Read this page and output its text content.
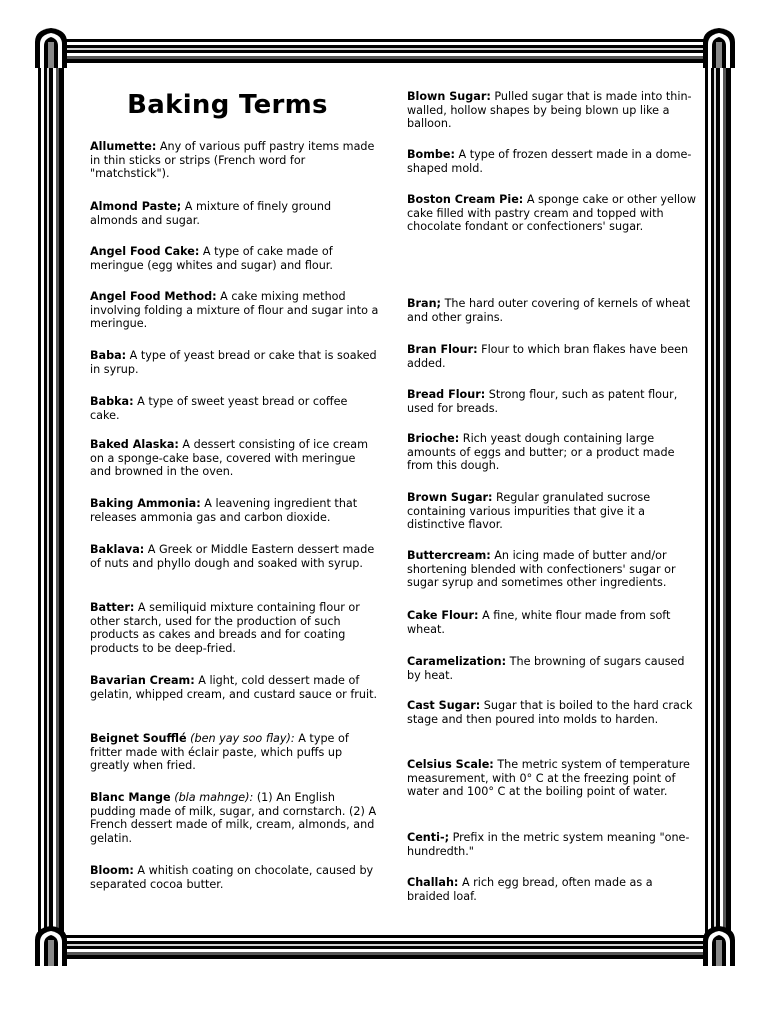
Baking Terms
Allumette: Any of various puff pastry items made in thin sticks or strips (French word for "matchstick").
Almond Paste; A mixture of finely ground almonds and sugar.
Angel Food Cake: A type of cake made of meringue (egg whites and sugar) and flour.
Angel Food Method: A cake mixing method involving folding a mixture of flour and sugar into a meringue.
Baba: A type of yeast bread or cake that is soaked in syrup.
Babka: A type of sweet yeast bread or coffee cake.
Baked Alaska: A dessert consisting of ice cream on a sponge-cake base, covered with meringue and browned in the oven.
Baking Ammonia: A leavening ingredient that releases ammonia gas and carbon dioxide.
Baklava: A Greek or Middle Eastern dessert made of nuts and phyllo dough and soaked with syrup.
Batter: A semiliquid mixture containing flour or other starch, used for the production of such products as cakes and breads and for coating products to be deep-fried.
Bavarian Cream: A light, cold dessert made of gelatin, whipped cream, and custard sauce or fruit.
Beignet Soufflé (ben yay soo flay): A type of fritter made with éclair paste, which puffs up greatly when fried.
Blanc Mange (bla mahnge): (1) An English pudding made of milk, sugar, and cornstarch. (2) A French dessert made of milk, cream, almonds, and gelatin.
Bloom: A whitish coating on chocolate, caused by separated cocoa butter.
Blown Sugar: Pulled sugar that is made into thin-walled, hollow shapes by being blown up like a balloon.
Bombe: A type of frozen dessert made in a dome-shaped mold.
Boston Cream Pie: A sponge cake or other yellow cake filled with pastry cream and topped with chocolate fondant or confectioners' sugar.
Bran; The hard outer covering of kernels of wheat and other grains.
Bran Flour: Flour to which bran flakes have been added.
Bread Flour: Strong flour, such as patent flour, used for breads.
Brioche: Rich yeast dough containing large amounts of eggs and butter; or a product made from this dough.
Brown Sugar: Regular granulated sucrose containing various impurities that give it a distinctive flavor.
Buttercream: An icing made of butter and/or shortening blended with confectioners' sugar or sugar syrup and sometimes other ingredients.
Cake Flour: A fine, white flour made from soft wheat.
Caramelization: The browning of sugars caused by heat.
Cast Sugar: Sugar that is boiled to the hard crack stage and then poured into molds to harden.
Celsius Scale: The metric system of temperature measurement, with 0° C at the freezing point of water and 100° C at the boiling point of water.
Centi-; Prefix in the metric system meaning "one-hundredth."
Challah: A rich egg bread, often made as a braided loaf.
